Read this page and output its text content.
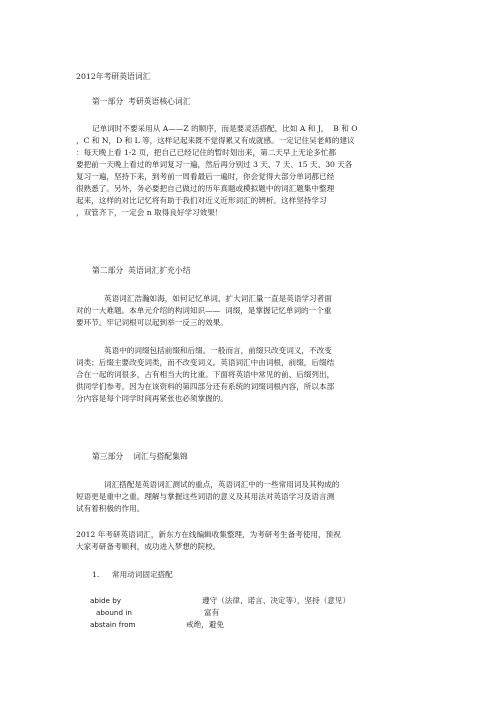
2012年考研英语词汇

第一部分  考研英语核心词汇

记单词时不要采用从 A——Z 的顺序，而是要灵活搭配，比如 A 和 J，  B 和 O

，C 和 N，D 和 L 等，这样记起来既不觉得累又有成就感。一定记住吴老师的建议

：每天晚上看 1-2 页，把自己已经记住的暂时划出来，第二天早上无论多忙都

要把前一天晚上看过的单词复习一遍，然后再分别过 3 天、7 天、15 天、30 天各

复习一遍，坚持下来，到考前一周看最后一遍时，你会觉得大部分单词都已经

很熟悉了。另外，务必要把自己做过的历年真题或模拟题中的词汇题集中整理

起来，这样的对比记忆将有助于我们对近义近形词汇的辨析。这样坚持学习

，双管齐下，一定会 n 取得良好学习效果！

第二部分  英语词汇扩充小结

英语词汇浩瀚如海，如何记忆单词，扩大词汇量一直是英语学习者面

对的一大难题。本单元介绍的构词知识——  词缀，是掌握记忆单词的一个重

要环节。牢记词根可以起到举一反三的效果。

英语中的词缀包括前缀和后缀。一般而言，前缀只改变词义，不改变

词类；后缀主要改变词类，而不改变词义。英语词汇中由词根，前缀，后缀结

合在一起的词很多，占有相当大的比重。下面将英语中常见的前、后缀列出，

供同学们参考。因为在该资料的第四部分还有系统的词缀词根内容，所以本部

分内容是每个同学时间再紧张也必须掌握的。

第三部分    词汇与搭配集锦

词汇搭配是英语词汇测试的重点，英语词汇中的一些常用词及其构成的

短语更是重中之重。理解与掌握这些词语的意义及其用法对英语学习及语言测

试有着积极的作用。

2012 年考研英语词汇，新东方在线编辑收集整理，为考研考生备考使用，预祝

大家考研备考顺利，成功进入梦想的院校。

1. 常用动词固定搭配

abide by	遵守（法律、诺言、决定等），坚持（意见）

abound in	富有

abstain from	戒绝，避免
